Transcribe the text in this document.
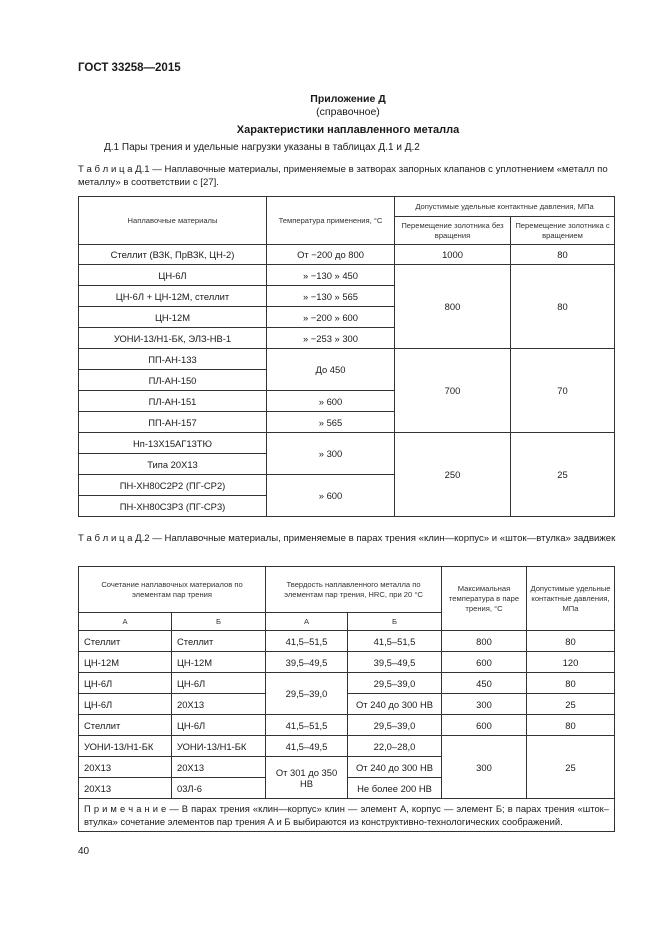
ГОСТ 33258—2015
Приложение Д
(справочное)
Характеристики наплавленного металла
Д.1 Пары трения и удельные нагрузки указаны в таблицах Д.1 и Д.2
Т а б л и ц а Д.1 — Наплавочные материалы, применяемые в затворах запорных клапанов с уплотнением «металл по металлу» в соответствии с [27].
Наплавочные материалы	Температура применения, °С	Допустимые удельные контактные давления, МПа	
		Перемещение золотника без вращения	Перемещение золотника с вращением
Стеллит (ВЗК, ПрВЗК, ЦН-2)	От −200 до 800	1000	80
ЦН-6Л	» −130 » 450	800	80
ЦН-6Л + ЦН-12М, стеллит	» −130 » 565		
ЦН-12М	» −200 » 600		
УОНИ-13/Н1-БК, ЭЛЗ-НВ-1	» −253 » 300		
ПП-АН-133	До 450	700	70
ПЛ-АН-150			
ПЛ-АН-151	» 600		
ПП-АН-157	» 565		
Нп-13Х15АГ13ТЮ	» 300	250	25
Типа 20Х13			
ПН-ХН80С2Р2 (ПГ-СР2)	» 600		
ПН-ХН80С3Р3 (ПГ-СР3)			
Т а б л и ц а Д.2 — Наплавочные материалы, применяемые в парах трения «клин—корпус» и «шток—втулка» задвижек
Сочетание наплавочных материалов по элементам пар трения		Твердость наплавленного металла по элементам пар трения, HRC, при 20 °С		Максимальная температура в паре трения, °С	Допустимые удельные контактные давления, МПа
А	Б	А	Б		
Стеллит	Стеллит	41,5–51,5	41,5–51,5	800	80
ЦН-12М	ЦН-12М	39,5–49,5	39,5–49,5	600	120
ЦН-6Л	ЦН-6Л	29,5–39,0	29,5–39,0	450	80
ЦН-6Л	20Х13		От 240 до 300 НВ	300	25
Стеллит	ЦН-6Л	41,5–51,5	29,5–39,0	600	80
УОНИ-13/Н1-БК	УОНИ-13/Н1-БК	41,5–49,5	22,0–28,0	300	25
20Х13	20Х13	От 301 до 350 НВ	От 240 до 300 НВ		
20Х13	03Л-6		Не более 200 НВ		
П р и м е ч а н и е — В парах трения «клин—корпус» клин — элемент А, корпус — элемент Б; в парах трения «шток–втулка» сочетание элементов пар трения А и Б выбираются из конструктивно-технологических соображений.					
40
